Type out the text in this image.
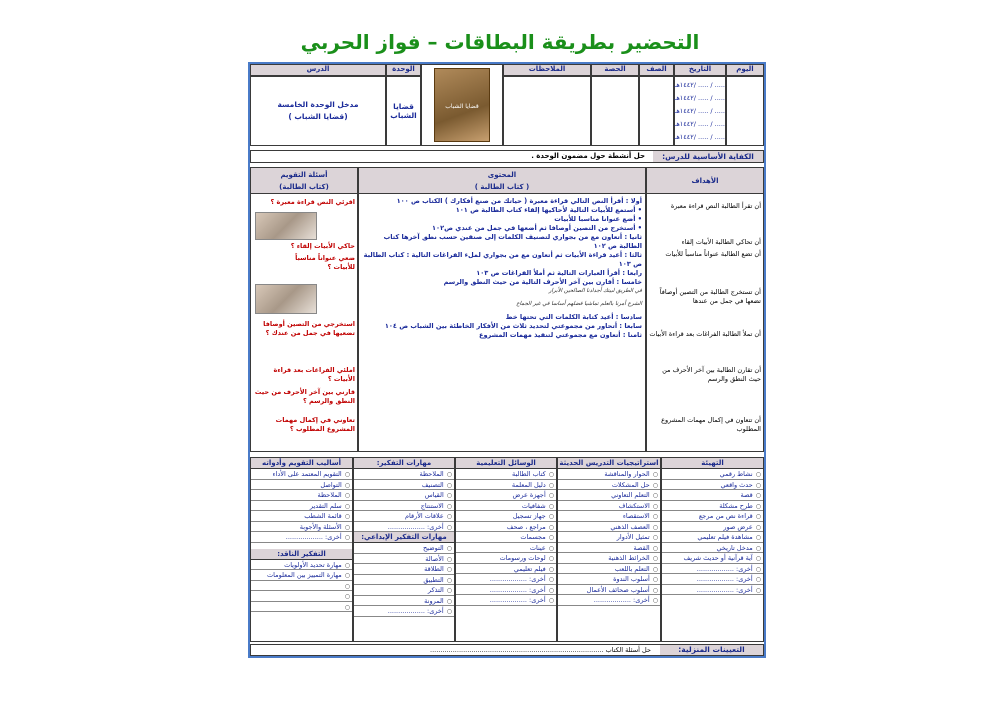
التحضير بطريقة البطاقات – فواز الحربي
اليوم
التاريخ
الصف
الحصة
الملاحظات
الوحدة
الدرس
..... / ..... /١٤٤٢هـ
..... / ..... /١٤٤٢هـ
..... / ..... /١٤٤٢هـ
..... / ..... /١٤٤٢هـ
..... / ..... /١٤٤٢هـ
قضايا الشباب
قضايا الشباب
مدخل الوحدة الخامسة (قضايا الشباب )
الكفاية الأساسية للدرس:
حل أنشطة حول مضمون الوحدة .
الأهداف
أن تقرأ الطالبة النص قراءة معبرة
أن تحاكي الطالبة الأبيات إلقاء
أن تضع الطالبة عنواناً مناسباً للأبيات
أن تستخرج الطالبة من التصين أوصافاً تضعها في جمل من عندها
أن تملأ الطالبة الفراغات بعد قراءة الأبيات
أن تقارن الطالبة بين آخر الأحرف من حيث النطق والرسم
أن تتعاون في إكمال مهمات المشروع المطلوب
المحتوى
( كتاب الطالبة )
أولا : أقرأ النص التالي قراءة معبرة ( حياتك من صنع أفكارك ) الكتاب ص ١٠٠
• أستمع للأبيات التالية لأحاكيها إلقاء كتاب الطالبة ص ١٠١
• أضع عنوانا مناسبا للأبيات
• أستخرج من التصين أوصافا ثم أضعها في جمل من عندي ص١٠٢
ثانيا : أتعاون مع من بجواري لتصنيف الكلمات إلى صنفين حسب نطق آخرها كتاب الطالبة ص ١٠٢
ثالثا : أعيد قراءة الأبيات ثم أتعاون مع من بجواري لملء الفراغات التالية : كتاب الطالبة ص ١٠٣
رابعا : أقرأ العبارات التالية ثم أملأ الفراغات ص ١٠٣
خامسا : أقارن بين آخر الأحرف التالية من حيث النطق والرسم
في الطريق لبيتك أجدادنا الصالحين الأبرار
الشرع أمرنا بالعلم تماشيا فضلهم أساسا في غير الجماع
سادسا : أعيد كتابة الكلمات التي تحتها خط
سابعا : أتحاور من مجموعتي لتحديد ثلاث من الأفكار الخاطئة بين الشباب ص ١٠٤
ثامنا : أتعاون مع مجموعتي لتنفيذ مهمات المشروع
أسئلة التقويم
(كتاب الطالبة)
اقرئي النص قراءة معبرة ؟
حاكي الأبيات إلقاء ؟
ضعي عنواناً مناسباً للأبيات ؟
استخرجي من التصين أوصافا تضعيها في جمل من عندك ؟
املئي الفراغات بعد قراءة الأبيات ؟
قارني بين آخر الأحرف من حيث النطق والرسم ؟
تعاوني في إكمال مهمات المشروع المطلوب ؟
التهيئة
○نشاط رقمي
○حدث واقعي
○قصة
○طرح مشكلة
○قراءة نص من مرجع
○عرض صور
○مشاهدة فيلم تعليمي
○مدخل تاريخي
○آية قرآنية أو حديث شريف
○أخرى: ..................
○أخرى: ..................
○أخرى: ..................
استراتيجيات التدريس الحديثة
○الحوار والمناقشة
○حل المشكلات
○التعلم التعاوني
○الاستكشاف
○الاستقصاء
○العصف الذهني
○تمثيل الأدوار
○القصة
○الخرائط الذهنية
○التعلم باللعب
○أسلوب الندوة
○أسلوب صحائف الأعمال
○أخرى: ..................
الوسائل التعليمية
○كتاب الطالبة
○دليل المعلمة
○أجهزة عرض
○شفافيات
○جهاز تسجيل
○مراجع ، صحف
○مجسمات
○عينات
○لوحات ورسومات
○فيلم تعليمي
○أخرى: ..................
○أخرى: ..................
○أخرى: ..................
مهارات التفكير:
○الملاحظة
○التصنيف
○القياس
○الاستنتاج
○علاقات الأرقام
○أخرى: ..................
مهارات التفكير الإبداعي:
○التوضيح
○الأصالة
○الطلاقة
○التطبيق
○التذكر
○المرونة
○أخرى: ..................
أساليب التقويم وأدواته
○التقويم المعتمد على الأداء
○التواصل
○الملاحظة
○سلم التقدير
○قائمة الشطب
○الأسئلة والأجوبة
○أخرى: ..................
التفكير الناقد:
○مهارة تحديد الأولويات
○مهارة التمييز بين المعلومات
○
○
○
التعيينات المنزلية:
حل أسئلة الكتاب ....................................................................................
